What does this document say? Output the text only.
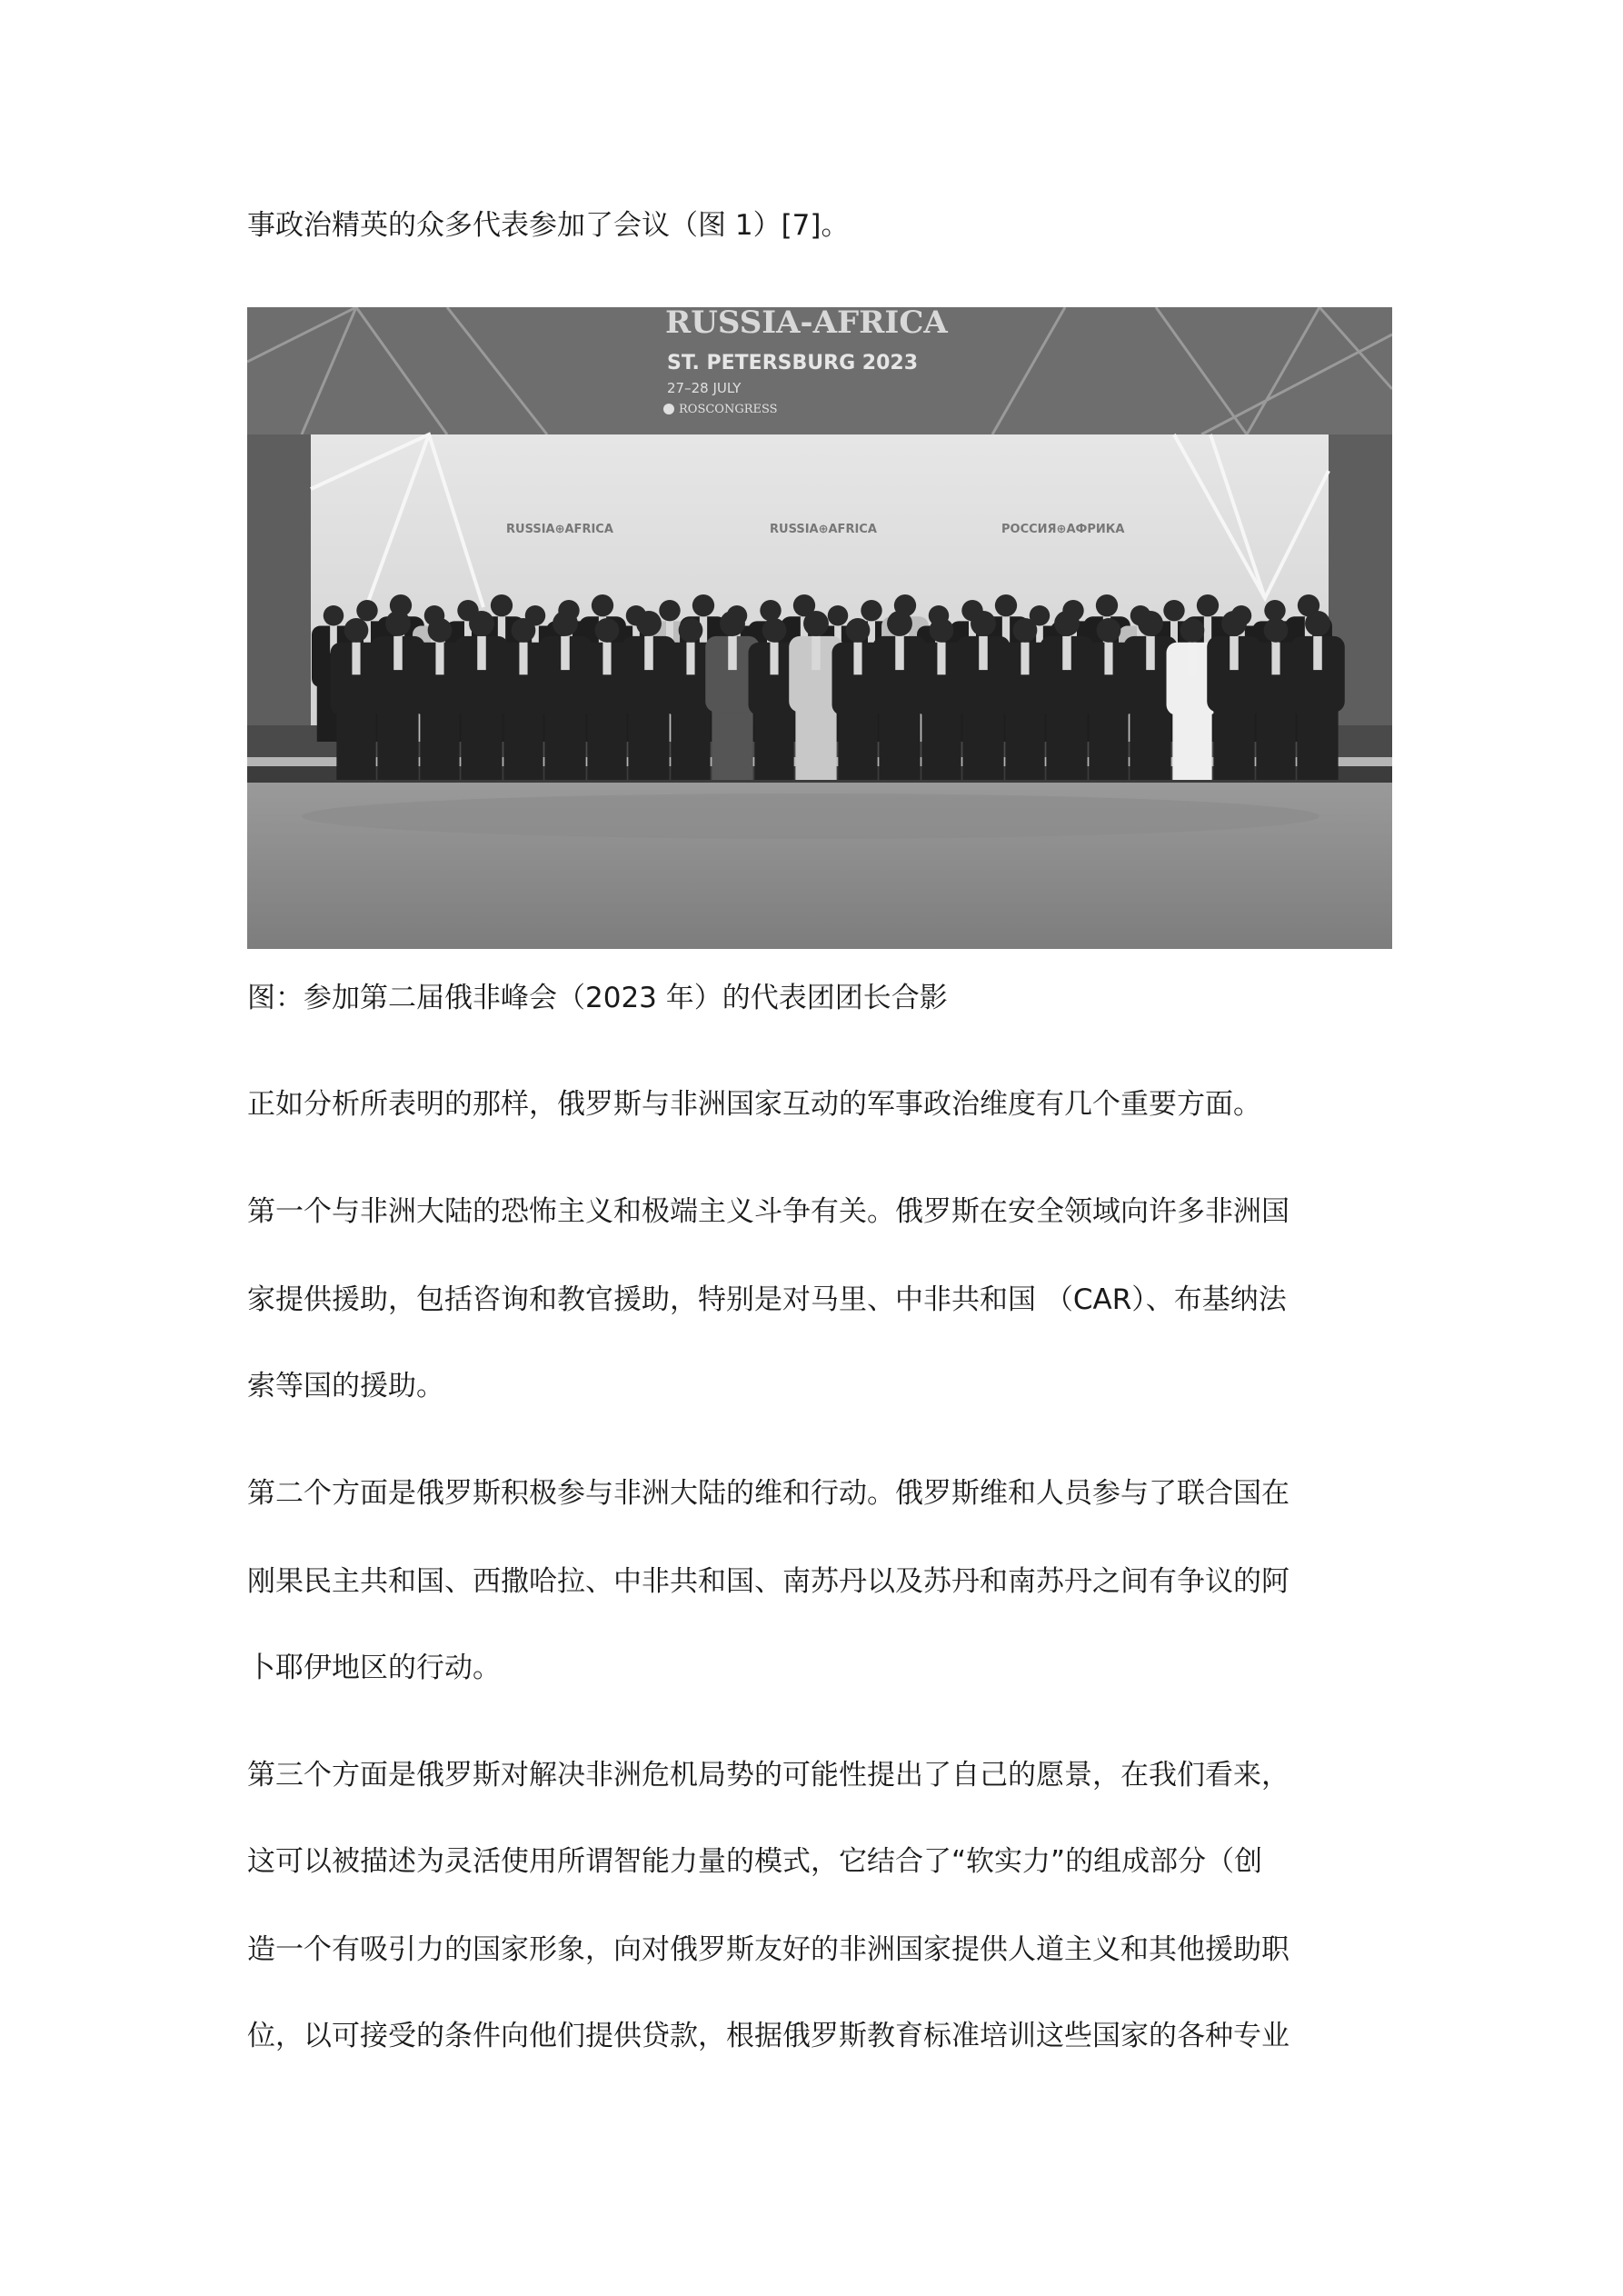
事政治精英的众多代表参加了会议（图 1）[7]。
RUSSIA-AFRICA
ST. PETERSBURG 2023
27–28 JULY
ROSCONGRESS
RUSSIA⊕AFRICA	RUSSIA⊕AFRICA	РОССИЯ⊕АФРИКА
图：参加第二届俄非峰会（2023 年）的代表团团长合影
正如分析所表明的那样，俄罗斯与非洲国家互动的军事政治维度有几个重要方面。
第一个与非洲大陆的恐怖主义和极端主义斗争有关。俄罗斯在安全领域向许多非洲国
家提供援助，包括咨询和教官援助，特别是对马里、中非共和国 （CAR）、布基纳法
索等国的援助。
第二个方面是俄罗斯积极参与非洲大陆的维和行动。俄罗斯维和人员参与了联合国在
刚果民主共和国、西撒哈拉、中非共和国、南苏丹以及苏丹和南苏丹之间有争议的阿
卜耶伊地区的行动。
第三个方面是俄罗斯对解决非洲危机局势的可能性提出了自己的愿景，在我们看来，
这可以被描述为灵活使用所谓智能力量的模式，它结合了“软实力”的组成部分（创
造一个有吸引力的国家形象，向对俄罗斯友好的非洲国家提供人道主义和其他援助职
位，以可接受的条件向他们提供贷款，根据俄罗斯教育标准培训这些国家的各种专业
